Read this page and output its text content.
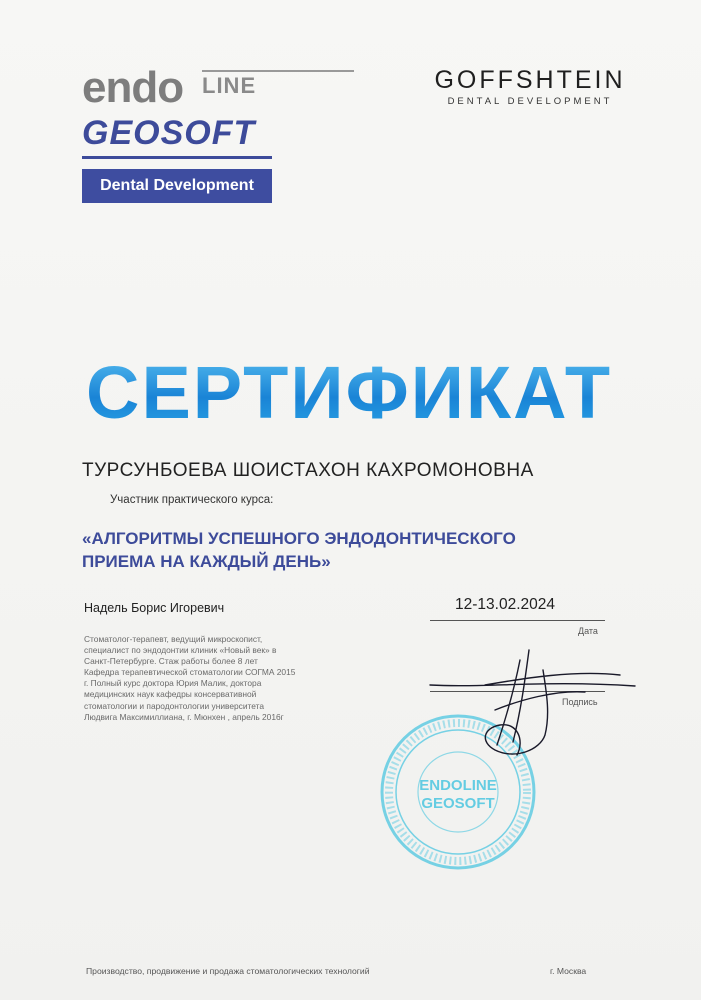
endo LINE
GEOSOFT
Dental Development
GOFFSHTEIN
DENTAL DEVELOPMENT
СЕРТИФИКАТ
ТУРСУНБОЕВА ШОИСТАХОН КАХРОМОНОВНА
Участник практического курса:
«АЛГОРИТМЫ УСПЕШНОГО ЭНДОДОНТИЧЕСКОГО
ПРИЕМА НА КАЖДЫЙ ДЕНЬ»
Надель Борис Игоревич
Стоматолог-терапевт, ведущий микроскопист,
специалист по эндодонтии клиник «Новый век» в
Санкт-Петербурге. Стаж работы более 8 лет
Кафедра терапевтической стоматологии СОГМА 2015
г. Полный курс доктора Юрия Малик, доктора
медицинских наук кафедры консервативной
стоматологии и пародонтологии университета
Людвига Максимиллиана, г. Мюнхен , апрель 2016г
12-13.02.2024
Дата
Подпись
ENDOLINE
GEOSOFT
Производство, продвижение и продажа стоматологических технологий	г. Москва
